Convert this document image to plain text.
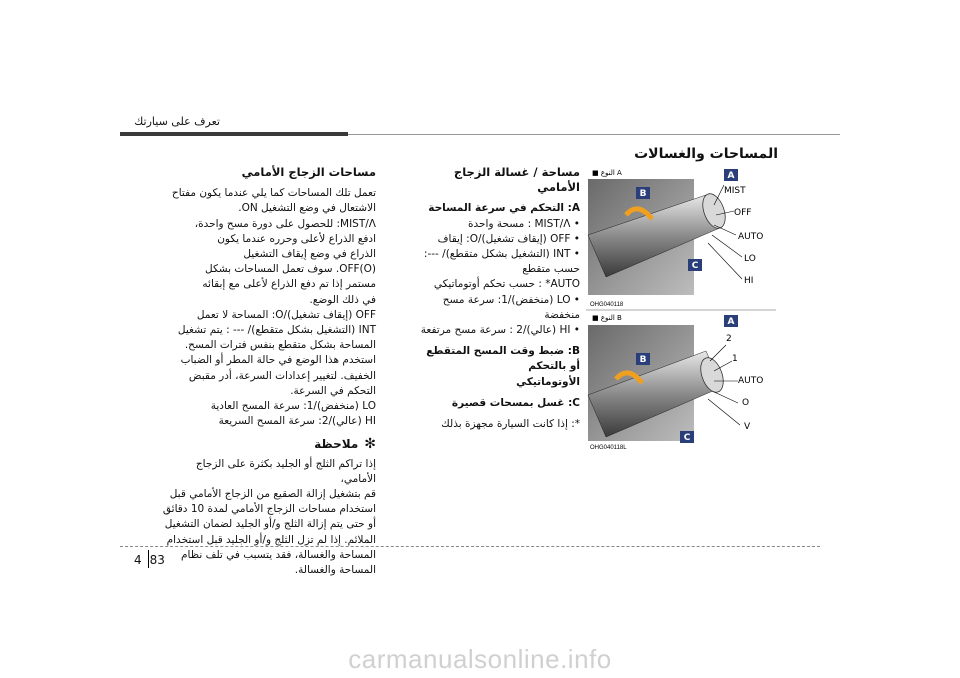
تعرف على سيارتك
المساحات والغسالات

مساحة / غسالة الزجاج الأمامي

A: التحكم في سرعة المساحة

• MIST/ᐱ : مسحة واحدة

• OFF (إيقاف تشغيل)/O: إيقاف

• INT (التشغيل بشكل متقطع)/ ---:

حسب متقطع

AUTO* : حسب تحكم أوتوماتيكي

• LO (منخفض)/1: سرعة مسح منخفضة

• HI (عالي)/2 : سرعة مسح مرتفعة

B: ضبط وقت المسح المتقطع أو بالتحكم

الأوتوماتيكي

C: غسل بمسحات قصيرة

*: إذا كانت السيارة مجهزة بذلك

مساحات الزجاج الأمامي

تعمل تلك المساحات كما يلي عندما يكون مفتاح

الاشتعال في وضع التشغيل ON.

MIST/ᐱ: للحصول على دورة مسح واحدة،

ادفع الذراع لأعلى وحرره عندما يكون

الذراع في وضع إيقاف التشغيل

OFF(O). سوف تعمل المساحات بشكل

مستمر إذا تم دفع الذراع لأعلى مع إبقائه

في ذلك الوضع.

OFF (إيقاف تشغيل)/O: المساحة لا تعمل

INT (التشغيل بشكل متقطع)/ --- : يتم تشغيل

المساحة بشكل متقطع بنفس فترات المسح.

استخدم هذا الوضع في حالة المطر أو الضباب

الخفيف. لتغيير إعدادات السرعة، أدر مقبض

التحكم في السرعة.

LO (منخفض)/1: سرعة المسح العادية

HI (عالي)/2: سرعة المسح السريعة

✻ملاحظة

إذا تراكم الثلج أو الجليد بكثرة على الزجاج الأمامي،

قم بتشغيل إزالة الصقيع من الزجاج الأمامي قبل

استخدام مساحات الزجاج الأمامي لمدة 10 دقائق

أو حتى يتم إزالة الثلج و/أو الجليد لضمان التشغيل

الملائم. إذا لم تزل الثلج و/أو الجليد قبل استخدام

المساحة والغسالة، فقد يتسبب في تلف نظام

المساحة والغسالة.

■ النوع A
MIST
OFF
AUTO
LO
HI
B
A
C
OHG040118
■ النوع B
2
1
AUTO
O
ᐯ
B
A
C
OHG040118L
4 83
carmanualsonline.info
